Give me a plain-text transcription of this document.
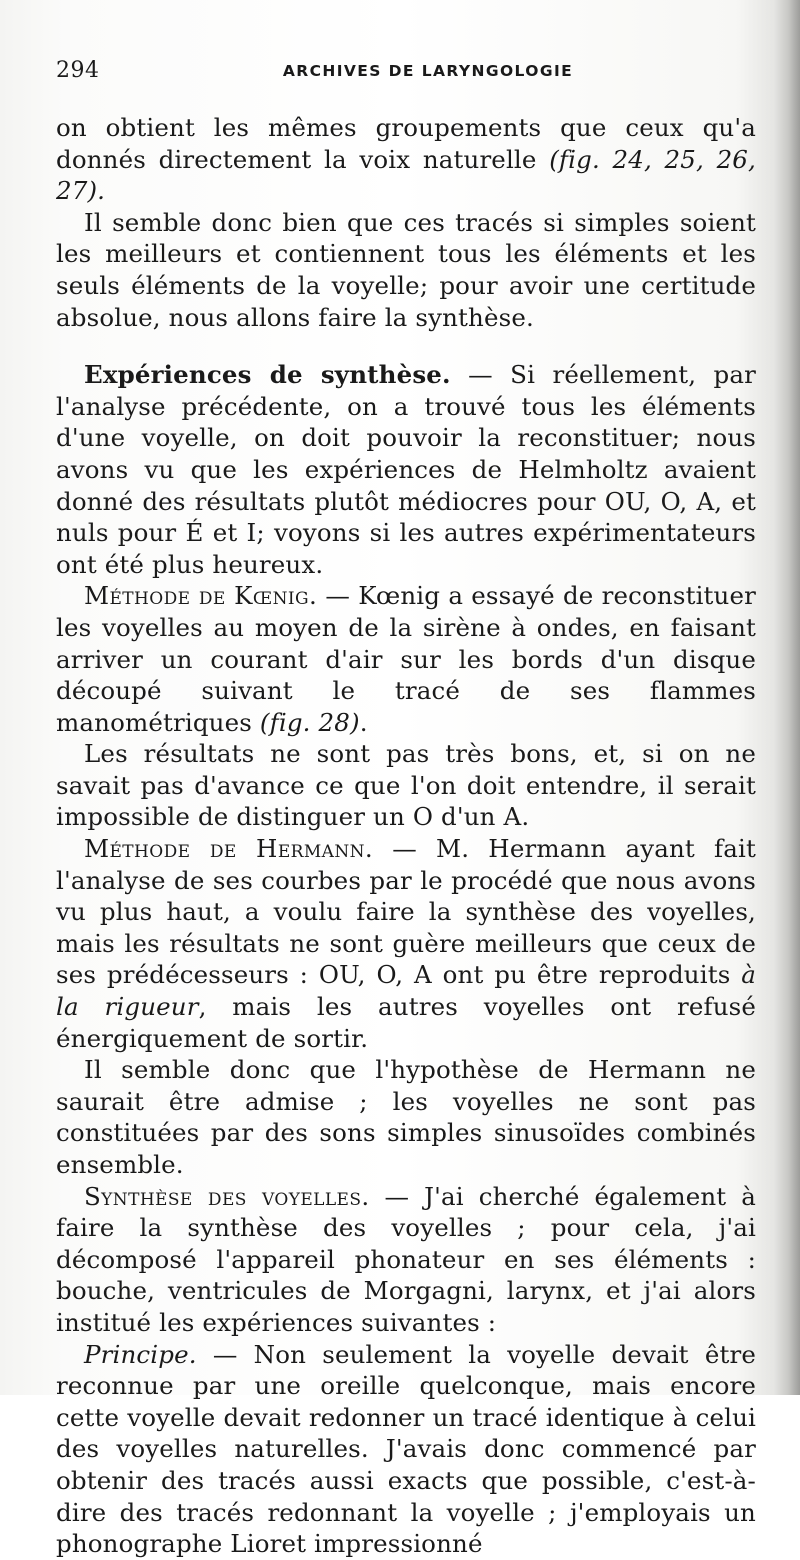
294	ARCHIVES DE LARYNGOLOGIE

on obtient les mêmes groupements que ceux qu'a donnés directement la voix naturelle (fig. 24, 25, 26, 27).

Il semble donc bien que ces tracés si simples soient les meilleurs et contiennent tous les éléments et les seuls éléments de la voyelle; pour avoir une certitude absolue, nous allons faire la synthèse.

Expériences de synthèse. — Si réellement, par l'analyse précédente, on a trouvé tous les éléments d'une voyelle, on doit pouvoir la reconstituer; nous avons vu que les expériences de Helmholtz avaient donné des résultats plutôt médiocres pour OU, O, A, et nuls pour É et I; voyons si les autres expérimentateurs ont été plus heureux.

Méthode de Kœnig. — Kœnig a essayé de reconstituer les voyelles au moyen de la sirène à ondes, en faisant arriver un courant d'air sur les bords d'un disque découpé suivant le tracé de ses flammes manométriques (fig. 28).

Les résultats ne sont pas très bons, et, si on ne savait pas d'avance ce que l'on doit entendre, il serait impossible de distinguer un O d'un A.

Méthode de Hermann. — M. Hermann ayant fait l'analyse de ses courbes par le procédé que nous avons vu plus haut, a voulu faire la synthèse des voyelles, mais les résultats ne sont guère meilleurs que ceux de ses prédécesseurs : OU, O, A ont pu être reproduits à la rigueur, mais les autres voyelles ont refusé énergiquement de sortir.

Il semble donc que l'hypothèse de Hermann ne saurait être admise ; les voyelles ne sont pas constituées par des sons simples sinusoïdes combinés ensemble.

Synthèse des voyelles. — J'ai cherché également à faire la synthèse des voyelles ; pour cela, j'ai décomposé l'appareil phonateur en ses éléments : bouche, ventricules de Morgagni, larynx, et j'ai alors institué les expériences suivantes :

Principe. — Non seulement la voyelle devait être reconnue par une oreille quelconque, mais encore cette voyelle devait redonner un tracé identique à celui des voyelles naturelles. J'avais donc commencé par obtenir des tracés aussi exacts que possible, c'est-à-dire des tracés redonnant la voyelle ; j'employais un phonographe Lioret impressionné
